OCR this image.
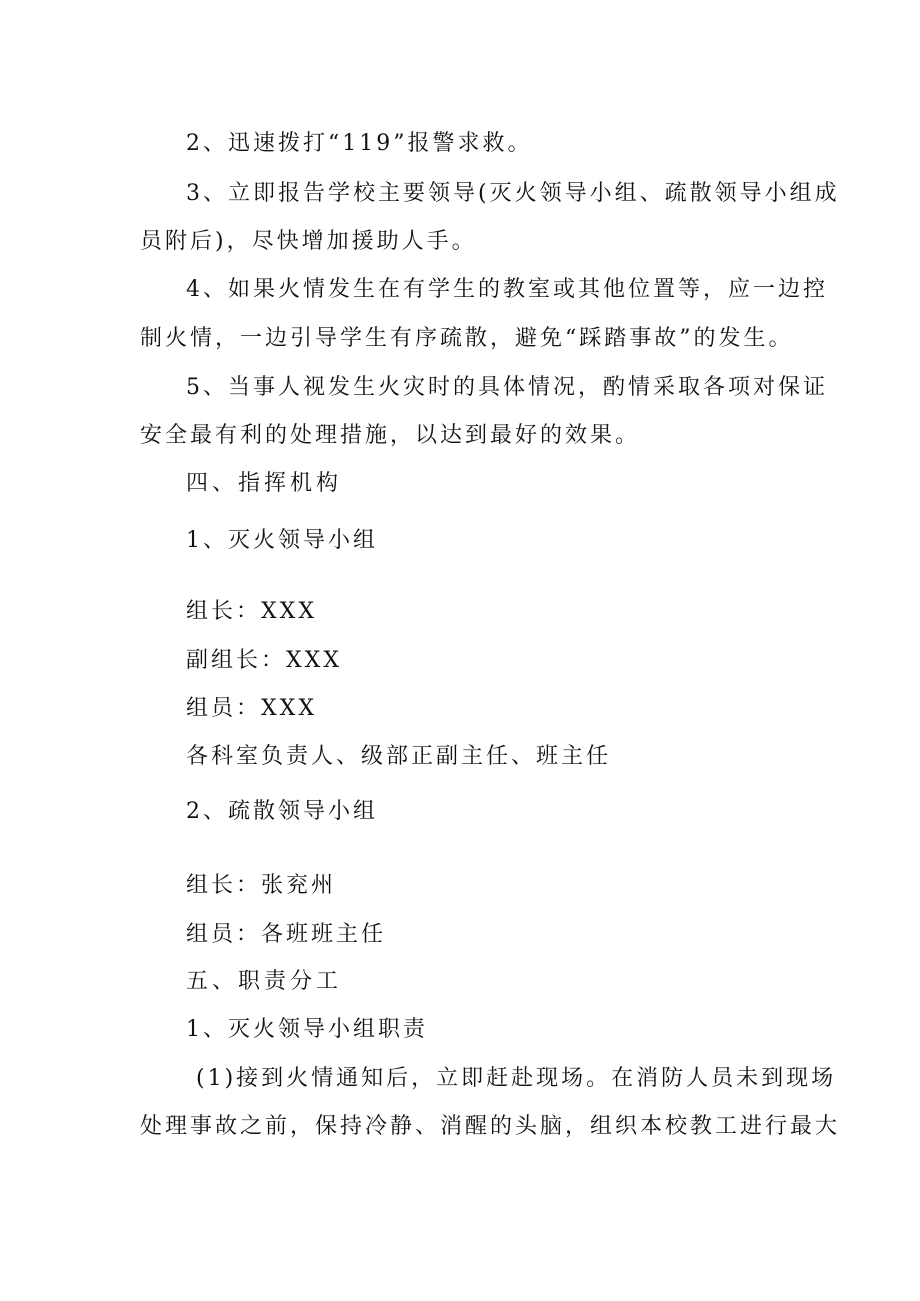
2、迅速拨打“119”报警求救。
3、立即报告学校主要领导(灭火领导小组、疏散领导小组成
员附后)，尽快增加援助人手。
4、如果火情发生在有学生的教室或其他位置等，应一边控
制火情，一边引导学生有序疏散，避免“踩踏事故”的发生。
5、当事人视发生火灾时的具体情况，酌情采取各项对保证
安全最有利的处理措施，以达到最好的效果。
四、指挥机构
1、灭火领导小组
组长：XXX
副组长：XXX
组员：XXX
各科室负责人、级部正副主任、班主任
2、疏散领导小组
组长：张兖州
组员：各班班主任
五、职责分工
1、灭火领导小组职责
(1)接到火情通知后，立即赶赴现场。在消防人员未到现场
处理事故之前，保持冷静、消醒的头脑，组织本校教工进行最大
